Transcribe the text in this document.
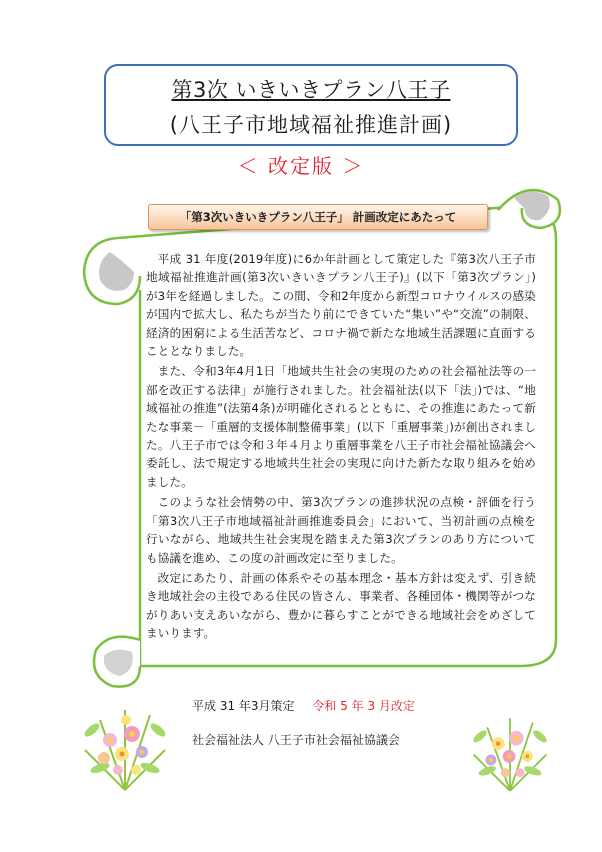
第3次 いきいきプラン八王子
(八王子市地域福祉推進計画)
＜ 改定版 ＞
「第3次いきいきプラン八王子」 計画改定にあたって

平成 31 年度(2019年度)に6か年計画として策定した『第3次八王子市地域福祉推進計画(第3次いきいきプラン八王子)』(以下「第3次プラン」)が3年を経過しました。この間、令和2年度から新型コロナウイルスの感染が国内で拡大し、私たちが当たり前にできていた“集い”や“交流”の制限、経済的困窮による生活苦など、コロナ禍で新たな地域生活課題に直面することとなりました。

また、令和3年4月1日「地域共生社会の実現のための社会福祉法等の一部を改正する法律」が施行されました。社会福祉法(以下「法」)では、“地域福祉の推進”(法第4条)が明確化されるとともに、その推進にあたって新たな事業－「重層的支援体制整備事業」(以下「重層事業」)が創出されました。八王子市では令和３年４月より重層事業を八王子市社会福祉協議会へ委託し、法で規定する地域共生社会の実現に向けた新たな取り組みを始めました。

このような社会情勢の中、第3次プランの進捗状況の点検・評価を行う「第3次八王子市地域福祉計画推進委員会」において、当初計画の点検を行いながら、地域共生社会実現を踏まえた第3次プランのあり方についても協議を進め、この度の計画改定に至りました。

改定にあたり、計画の体系やその基本理念・基本方針は変えず、引き続き地域社会の主役である住民の皆さん、事業者、各種団体・機関等がつながりあい支えあいながら、豊かに暮らすことができる地域社会をめざしてまいります。

平成 31 年3月策定 令和 5 年 3 月改定
社会福祉法人 八王子市社会福祉協議会
